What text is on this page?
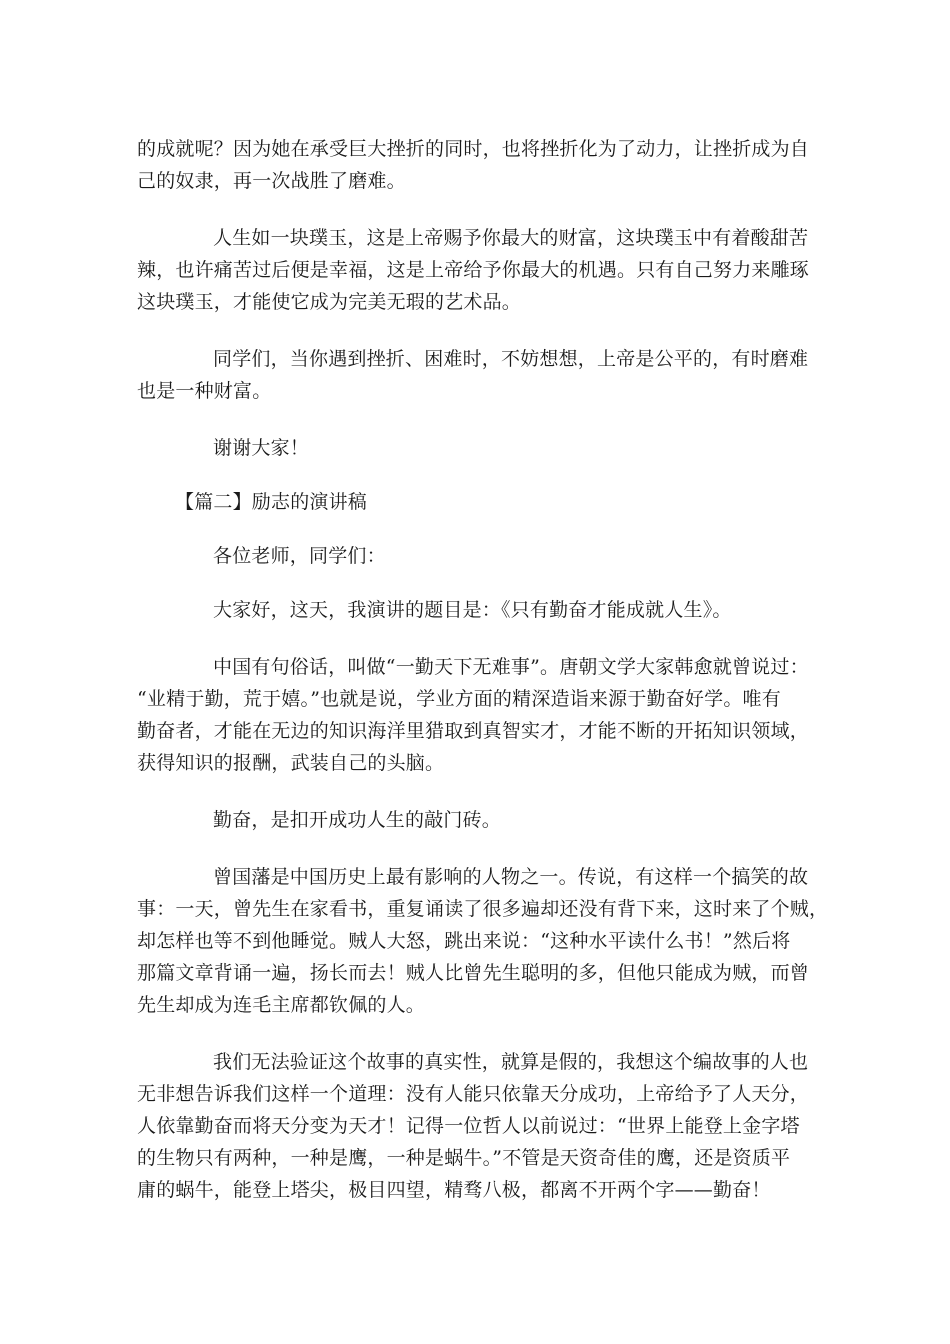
的成就呢？因为她在承受巨大挫折的同时，也将挫折化为了动力，让挫折成为自

己的奴隶，再一次战胜了磨难。

人生如一块璞玉，这是上帝赐予你最大的财富，这块璞玉中有着酸甜苦

辣，也许痛苦过后便是幸福，这是上帝给予你最大的机遇。只有自己努力来雕琢

这块璞玉，才能使它成为完美无瑕的艺术品。

同学们，当你遇到挫折、困难时，不妨想想，上帝是公平的，有时磨难

也是一种财富。

谢谢大家！

【篇二】励志的演讲稿

各位老师，同学们：

大家好，这天，我演讲的题目是：《只有勤奋才能成就人生》。

中国有句俗话，叫做“一勤天下无难事”。唐朝文学大家韩愈就曾说过：

“业精于勤，荒于嬉。”也就是说，学业方面的精深造诣来源于勤奋好学。唯有

勤奋者，才能在无边的知识海洋里猎取到真智实才，才能不断的开拓知识领域，

获得知识的报酬，武装自己的头脑。

勤奋，是扣开成功人生的敲门砖。

曾国藩是中国历史上最有影响的人物之一。传说，有这样一个搞笑的故

事：一天，曾先生在家看书，重复诵读了很多遍却还没有背下来，这时来了个贼，

却怎样也等不到他睡觉。贼人大怒，跳出来说：“这种水平读什么书！”然后将

那篇文章背诵一遍，扬长而去！贼人比曾先生聪明的多，但他只能成为贼，而曾

先生却成为连毛主席都钦佩的人。

我们无法验证这个故事的真实性，就算是假的，我想这个编故事的人也

无非想告诉我们这样一个道理：没有人能只依靠天分成功，上帝给予了人天分，

人依靠勤奋而将天分变为天才！记得一位哲人以前说过：“世界上能登上金字塔

的生物只有两种，一种是鹰，一种是蜗牛。”不管是天资奇佳的鹰，还是资质平

庸的蜗牛，能登上塔尖，极目四望，精骛八极，都离不开两个字——勤奋！
